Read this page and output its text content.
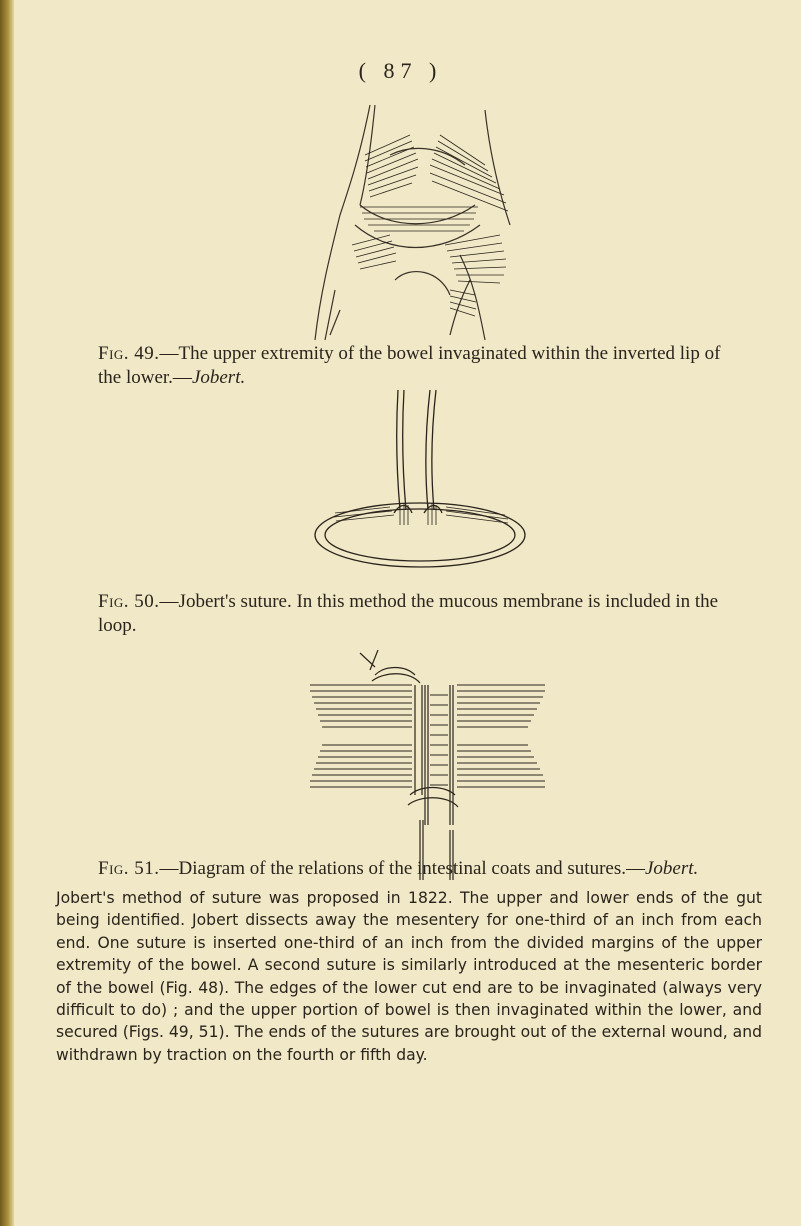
( 87 )
Fig. 49.—The upper extremity of the bowel invaginated within the inverted lip of the lower.—Jobert.
Fig. 50.—Jobert's suture. In this method the mucous membrane is included in the loop.
Fig. 51.—Diagram of the relations of the intestinal coats and sutures.—Jobert.
Jobert's method of suture was proposed in 1822. The upper and lower ends of the gut being identified. Jobert dissects away the mesentery for one-third of an inch from each end. One suture is inserted one-third of an inch from the divided margins of the upper extremity of the bowel. A second suture is similarly introduced at the mesenteric border of the bowel (Fig. 48). The edges of the lower cut end are to be invaginated (always very difficult to do) ; and the upper portion of bowel is then invaginated within the lower, and secured (Figs. 49, 51). The ends of the sutures are brought out of the external wound, and withdrawn by traction on the fourth or fifth day.
